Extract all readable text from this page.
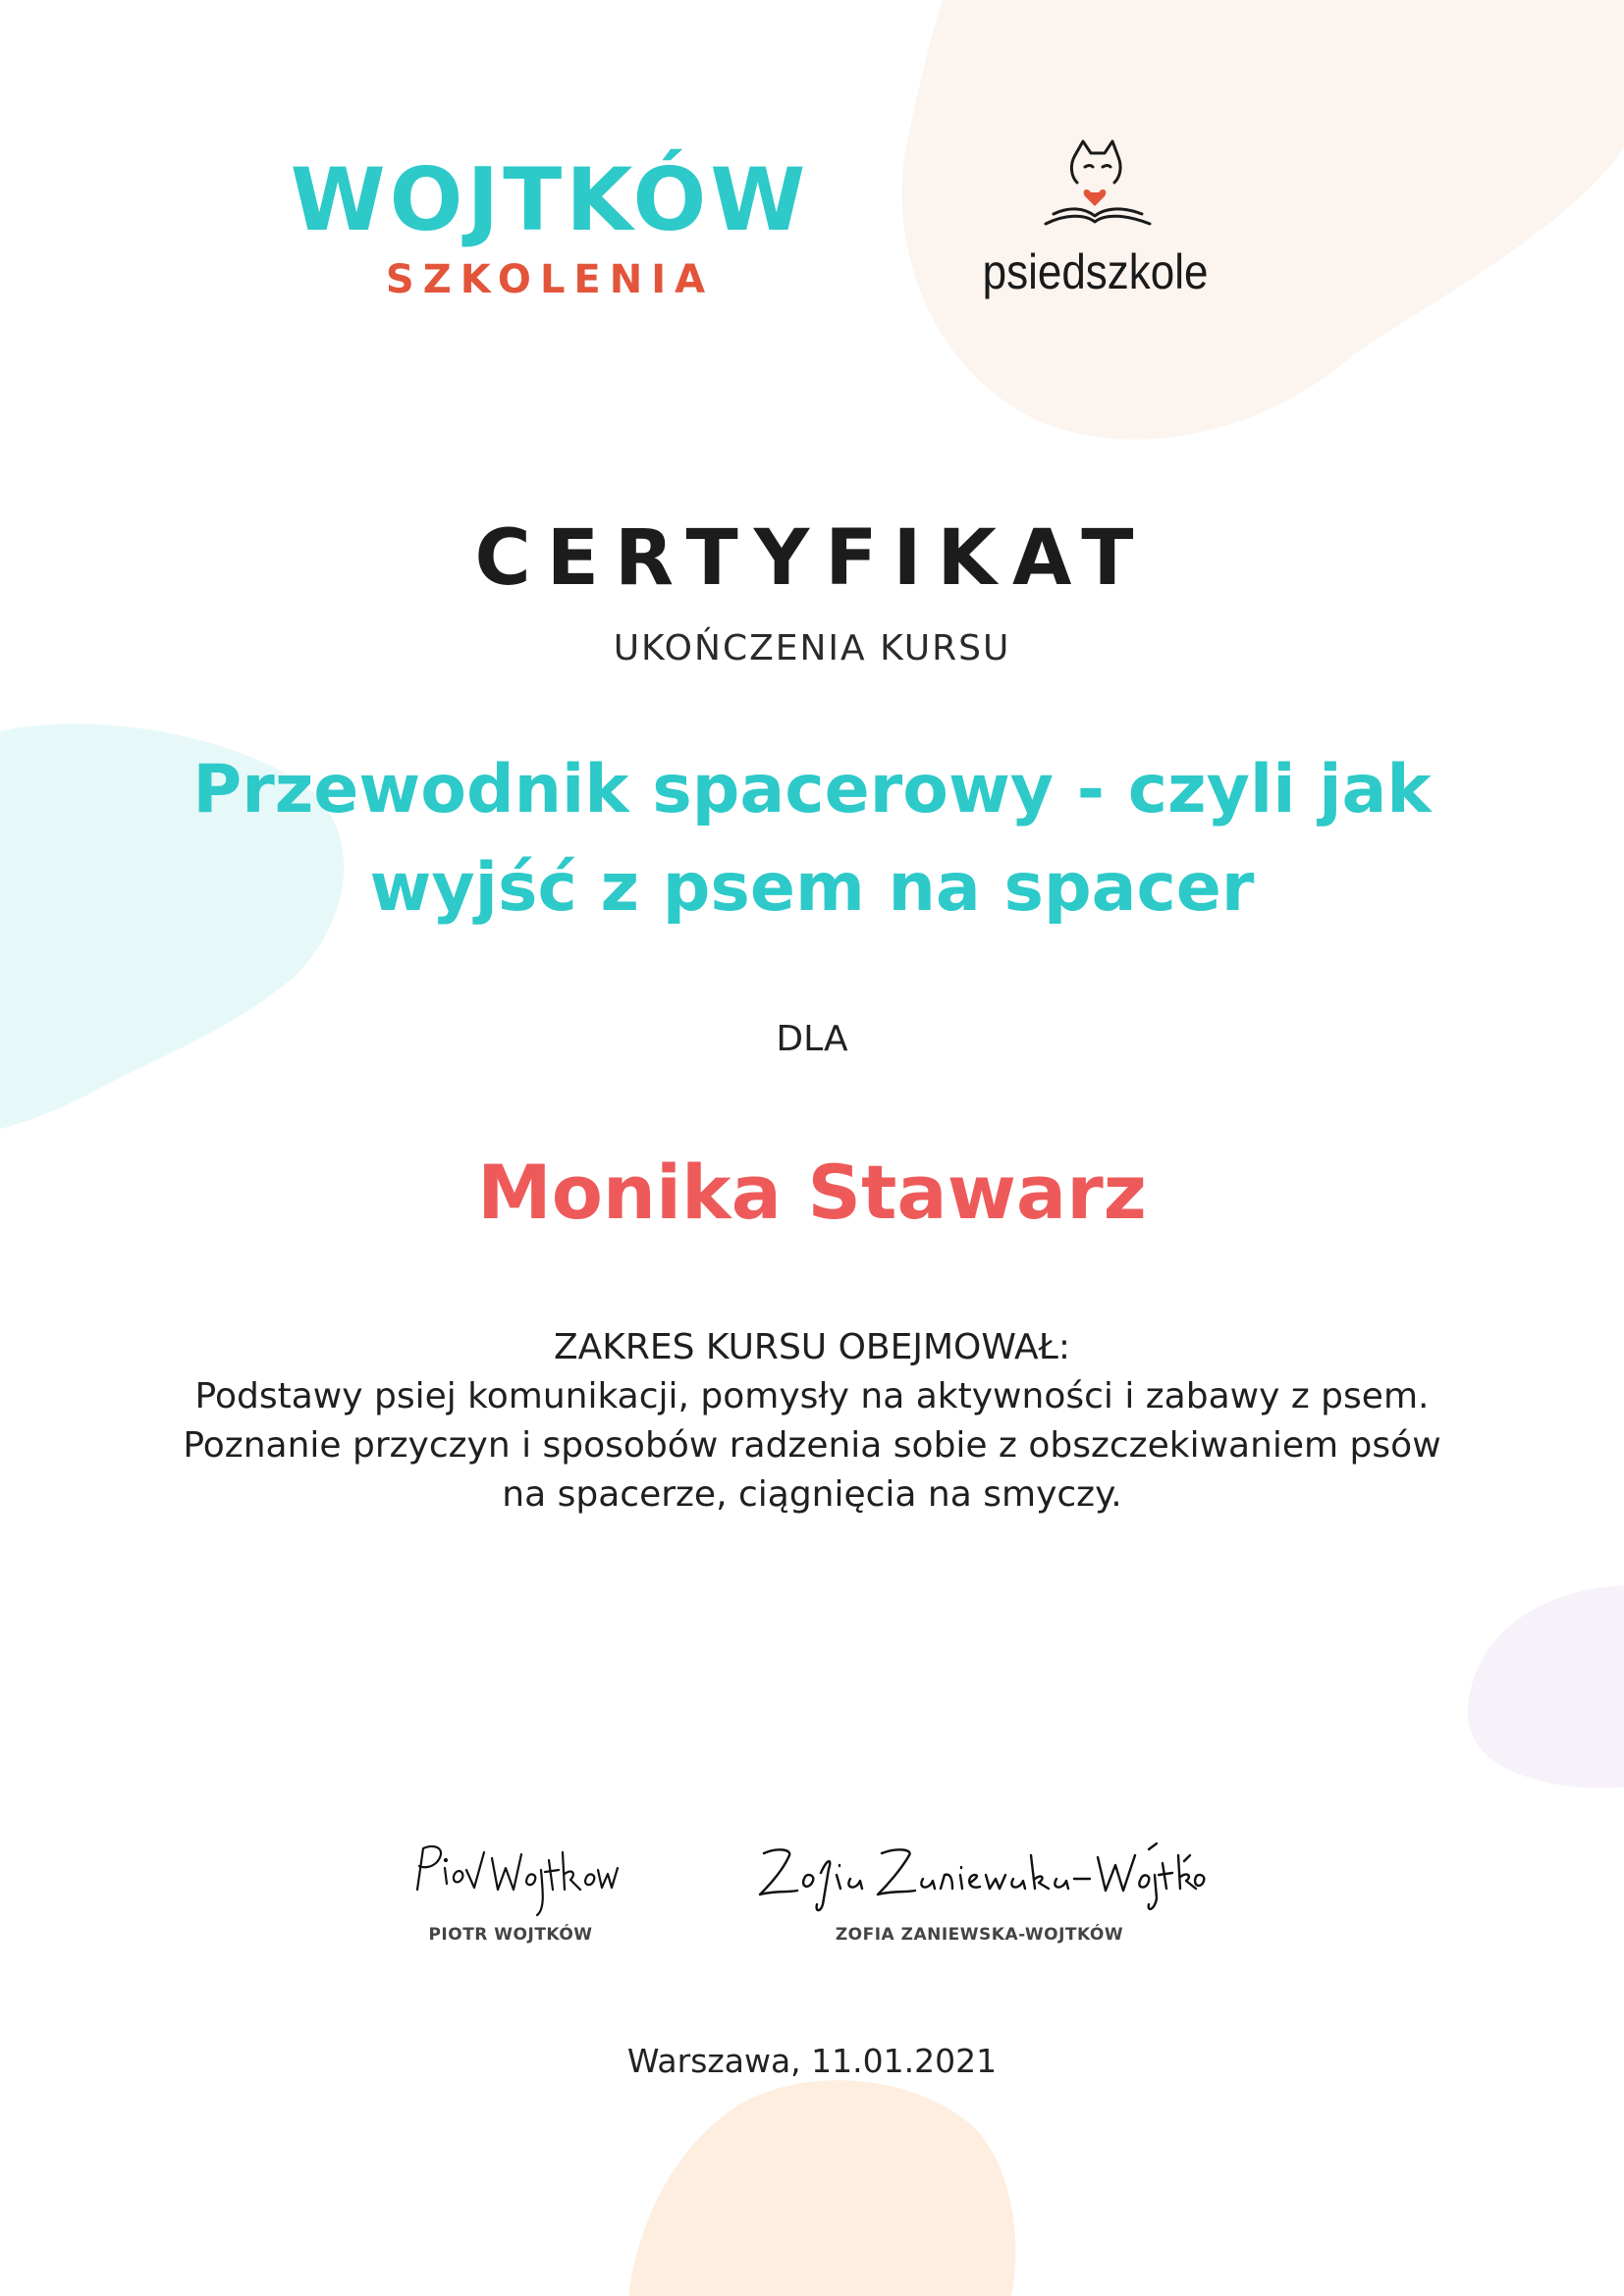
WOJTKÓW
SZKOLENIA	psiedszkole
CERTYFIKAT
UKOŃCZENIA KURSU
Przewodnik spacerowy - czyli jak
wyjść z psem na spacer
DLA
Monika Stawarz
ZAKRES KURSU OBEJMOWAŁ:
Podstawy psiej komunikacji, pomysły na aktywności i zabawy z psem.
Poznanie przyczyn i sposobów radzenia sobie z obszczekiwaniem psów
na spacerze, ciągnięcia na smyczy.
PIOTR WOJTKÓW	ZOFIA ZANIEWSKA-WOJTKÓW
Warszawa, 11.01.2021
